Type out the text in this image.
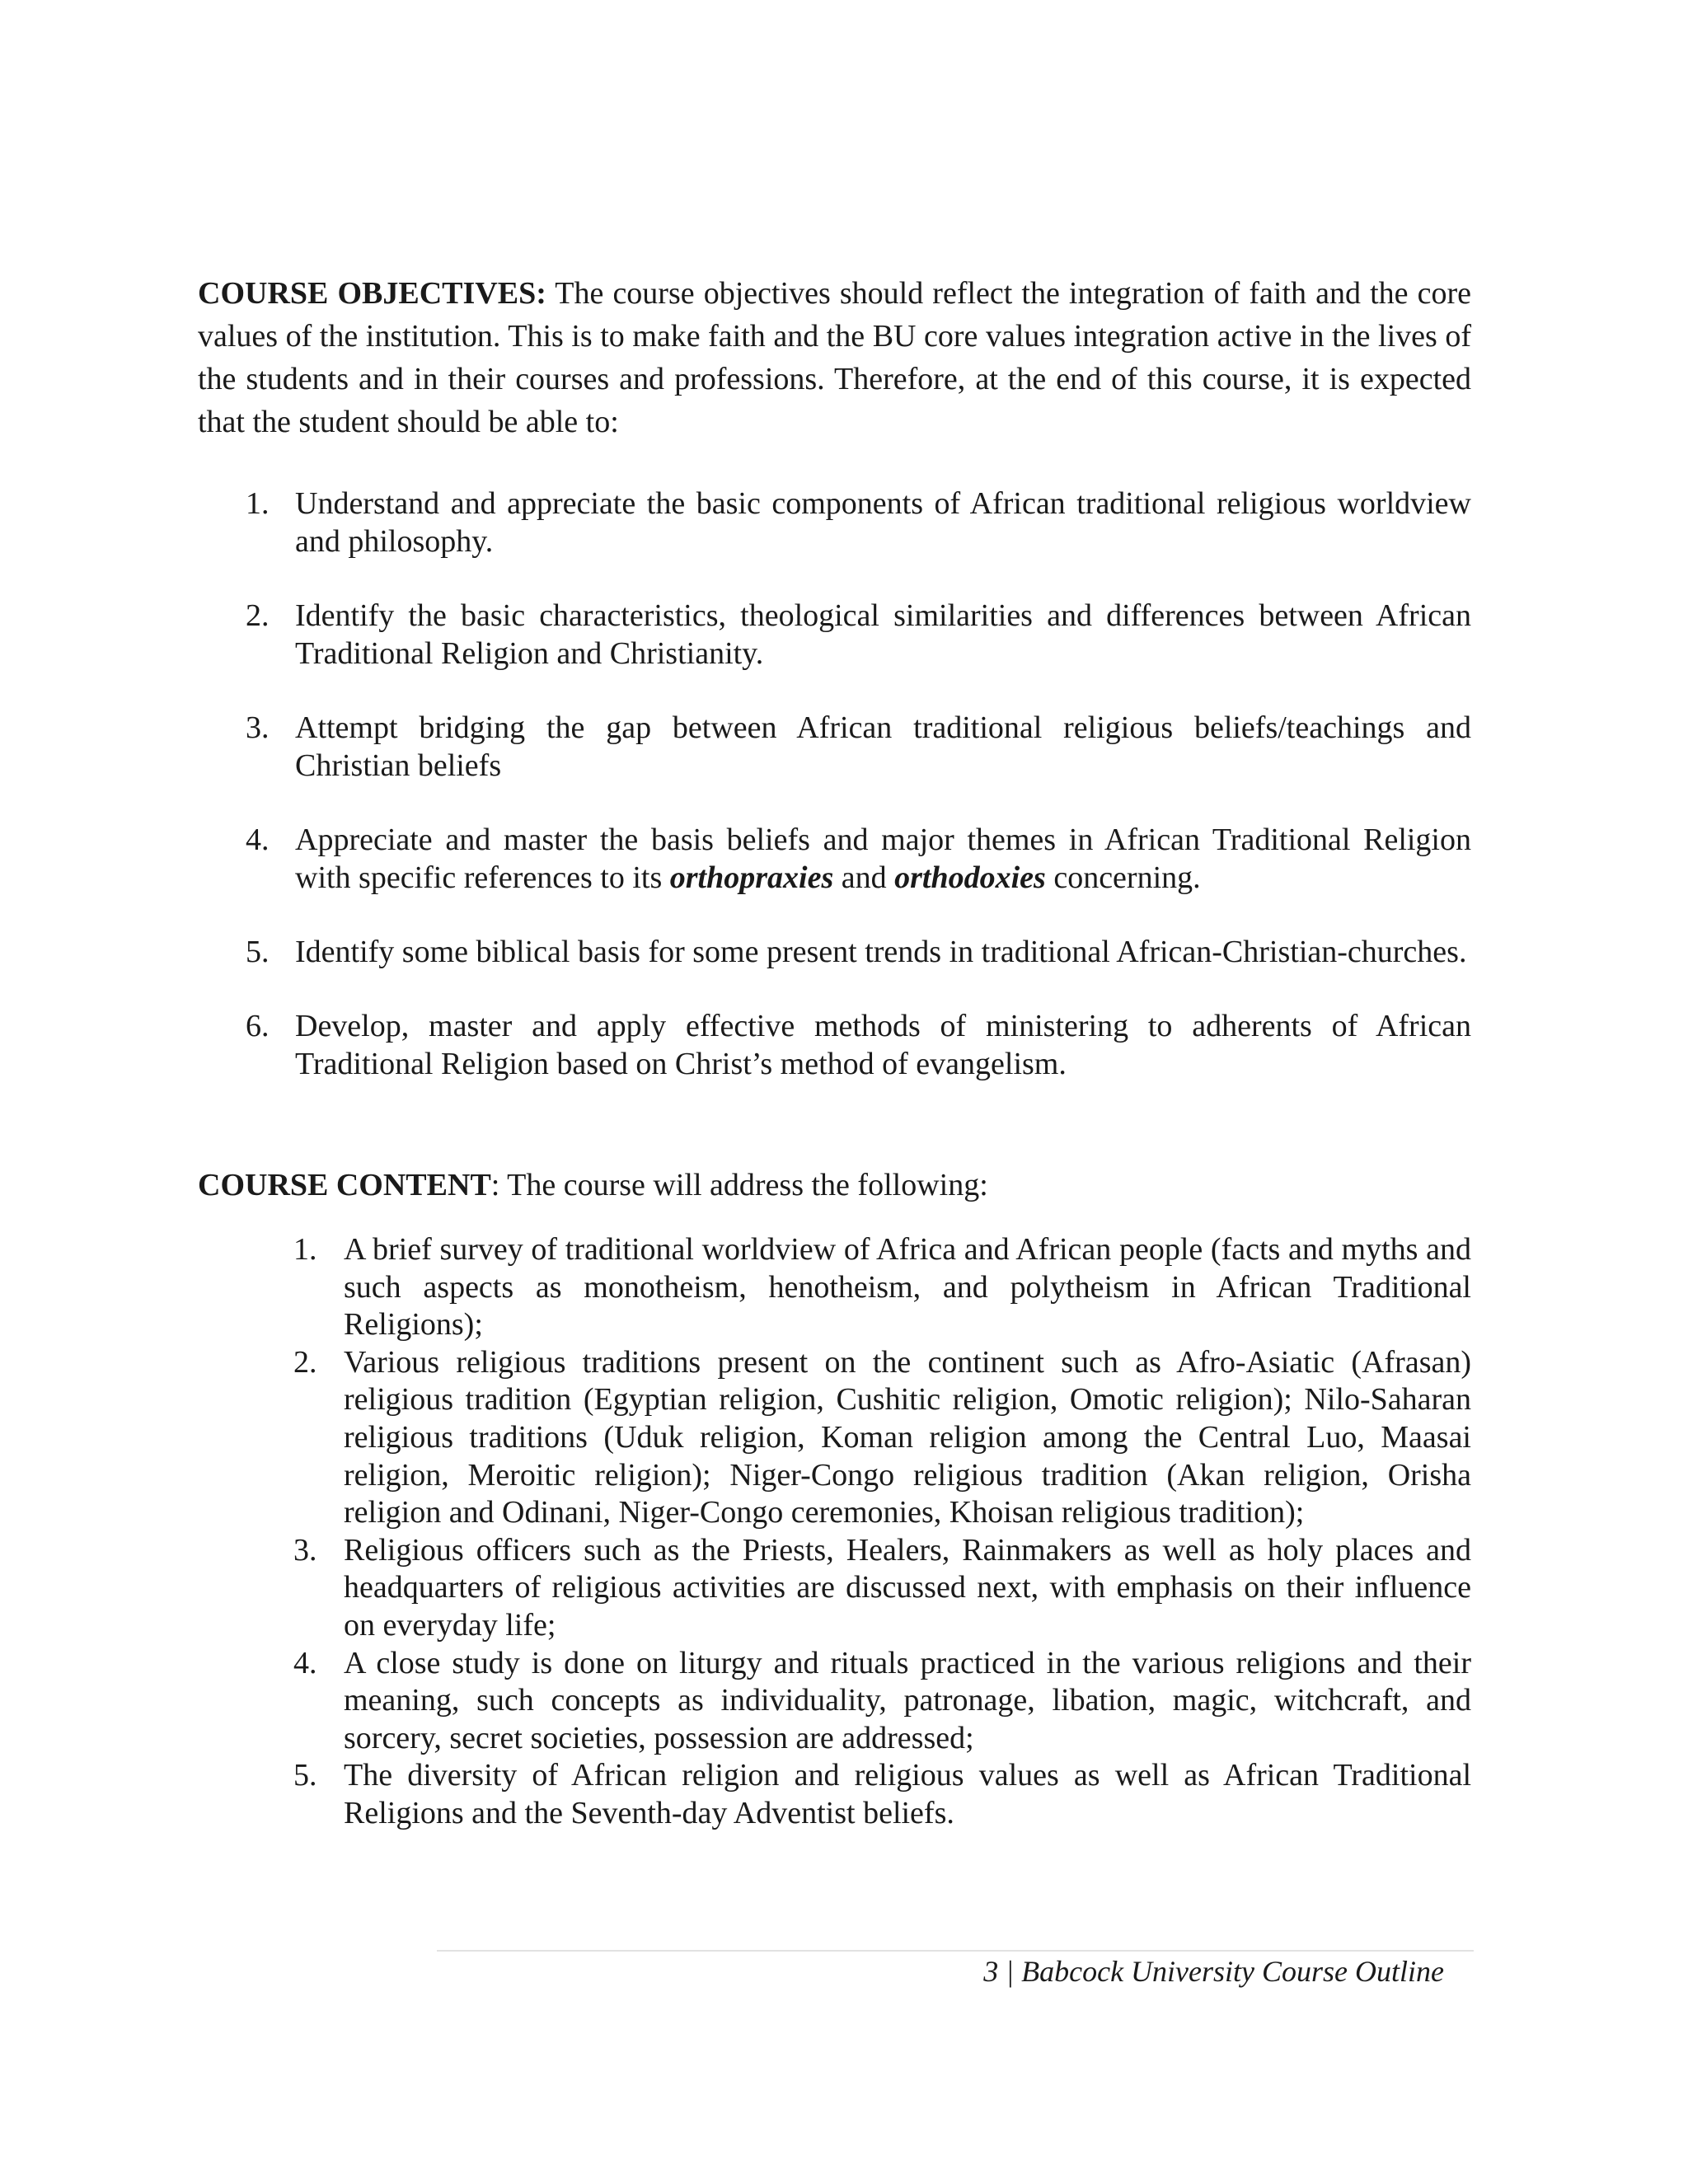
COURSE OBJECTIVES: The course objectives should reflect the integration of faith and the core values of the institution. This is to make faith and the BU core values integration active in the lives of the students and in their courses and professions. Therefore, at the end of this course, it is expected that the student should be able to:

1. Understand and appreciate the basic components of African traditional religious worldview and philosophy.
2. Identify the basic characteristics, theological similarities and differences between African Traditional Religion and Christianity.
3. Attempt bridging the gap between African traditional religious beliefs/teachings and Christian beliefs
4. Appreciate and master the basis beliefs and major themes in African Traditional Religion with specific references to its orthopraxies and orthodoxies concerning.
5. Identify some biblical basis for some present trends in traditional African-Christian-churches.
6. Develop, master and apply effective methods of ministering to adherents of African Traditional Religion based on Christ’s method of evangelism.

COURSE CONTENT: The course will address the following:

1. A brief survey of traditional worldview of Africa and African people (facts and myths and such aspects as monotheism, henotheism, and polytheism in African Traditional Religions);
2. Various religious traditions present on the continent such as Afro-Asiatic (Afrasan) religious tradition (Egyptian religion, Cushitic religion, Omotic religion); Nilo-Saharan religious traditions (Uduk religion, Koman religion among the Central Luo, Maasai religion, Meroitic religion); Niger-Congo religious tradition (Akan religion, Orisha religion and Odinani, Niger-Congo ceremonies, Khoisan religious tradition);
3. Religious officers such as the Priests, Healers, Rainmakers as well as holy places and headquarters of religious activities are discussed next, with emphasis on their influence on everyday life;
4. A close study is done on liturgy and rituals practiced in the various religions and their meaning, such concepts as individuality, patronage, libation, magic, witchcraft, and sorcery, secret societies, possession are addressed;
5. The diversity of African religion and religious values as well as African Traditional Religions and the Seventh-day Adventist beliefs.
3 | Babcock University Course Outline
